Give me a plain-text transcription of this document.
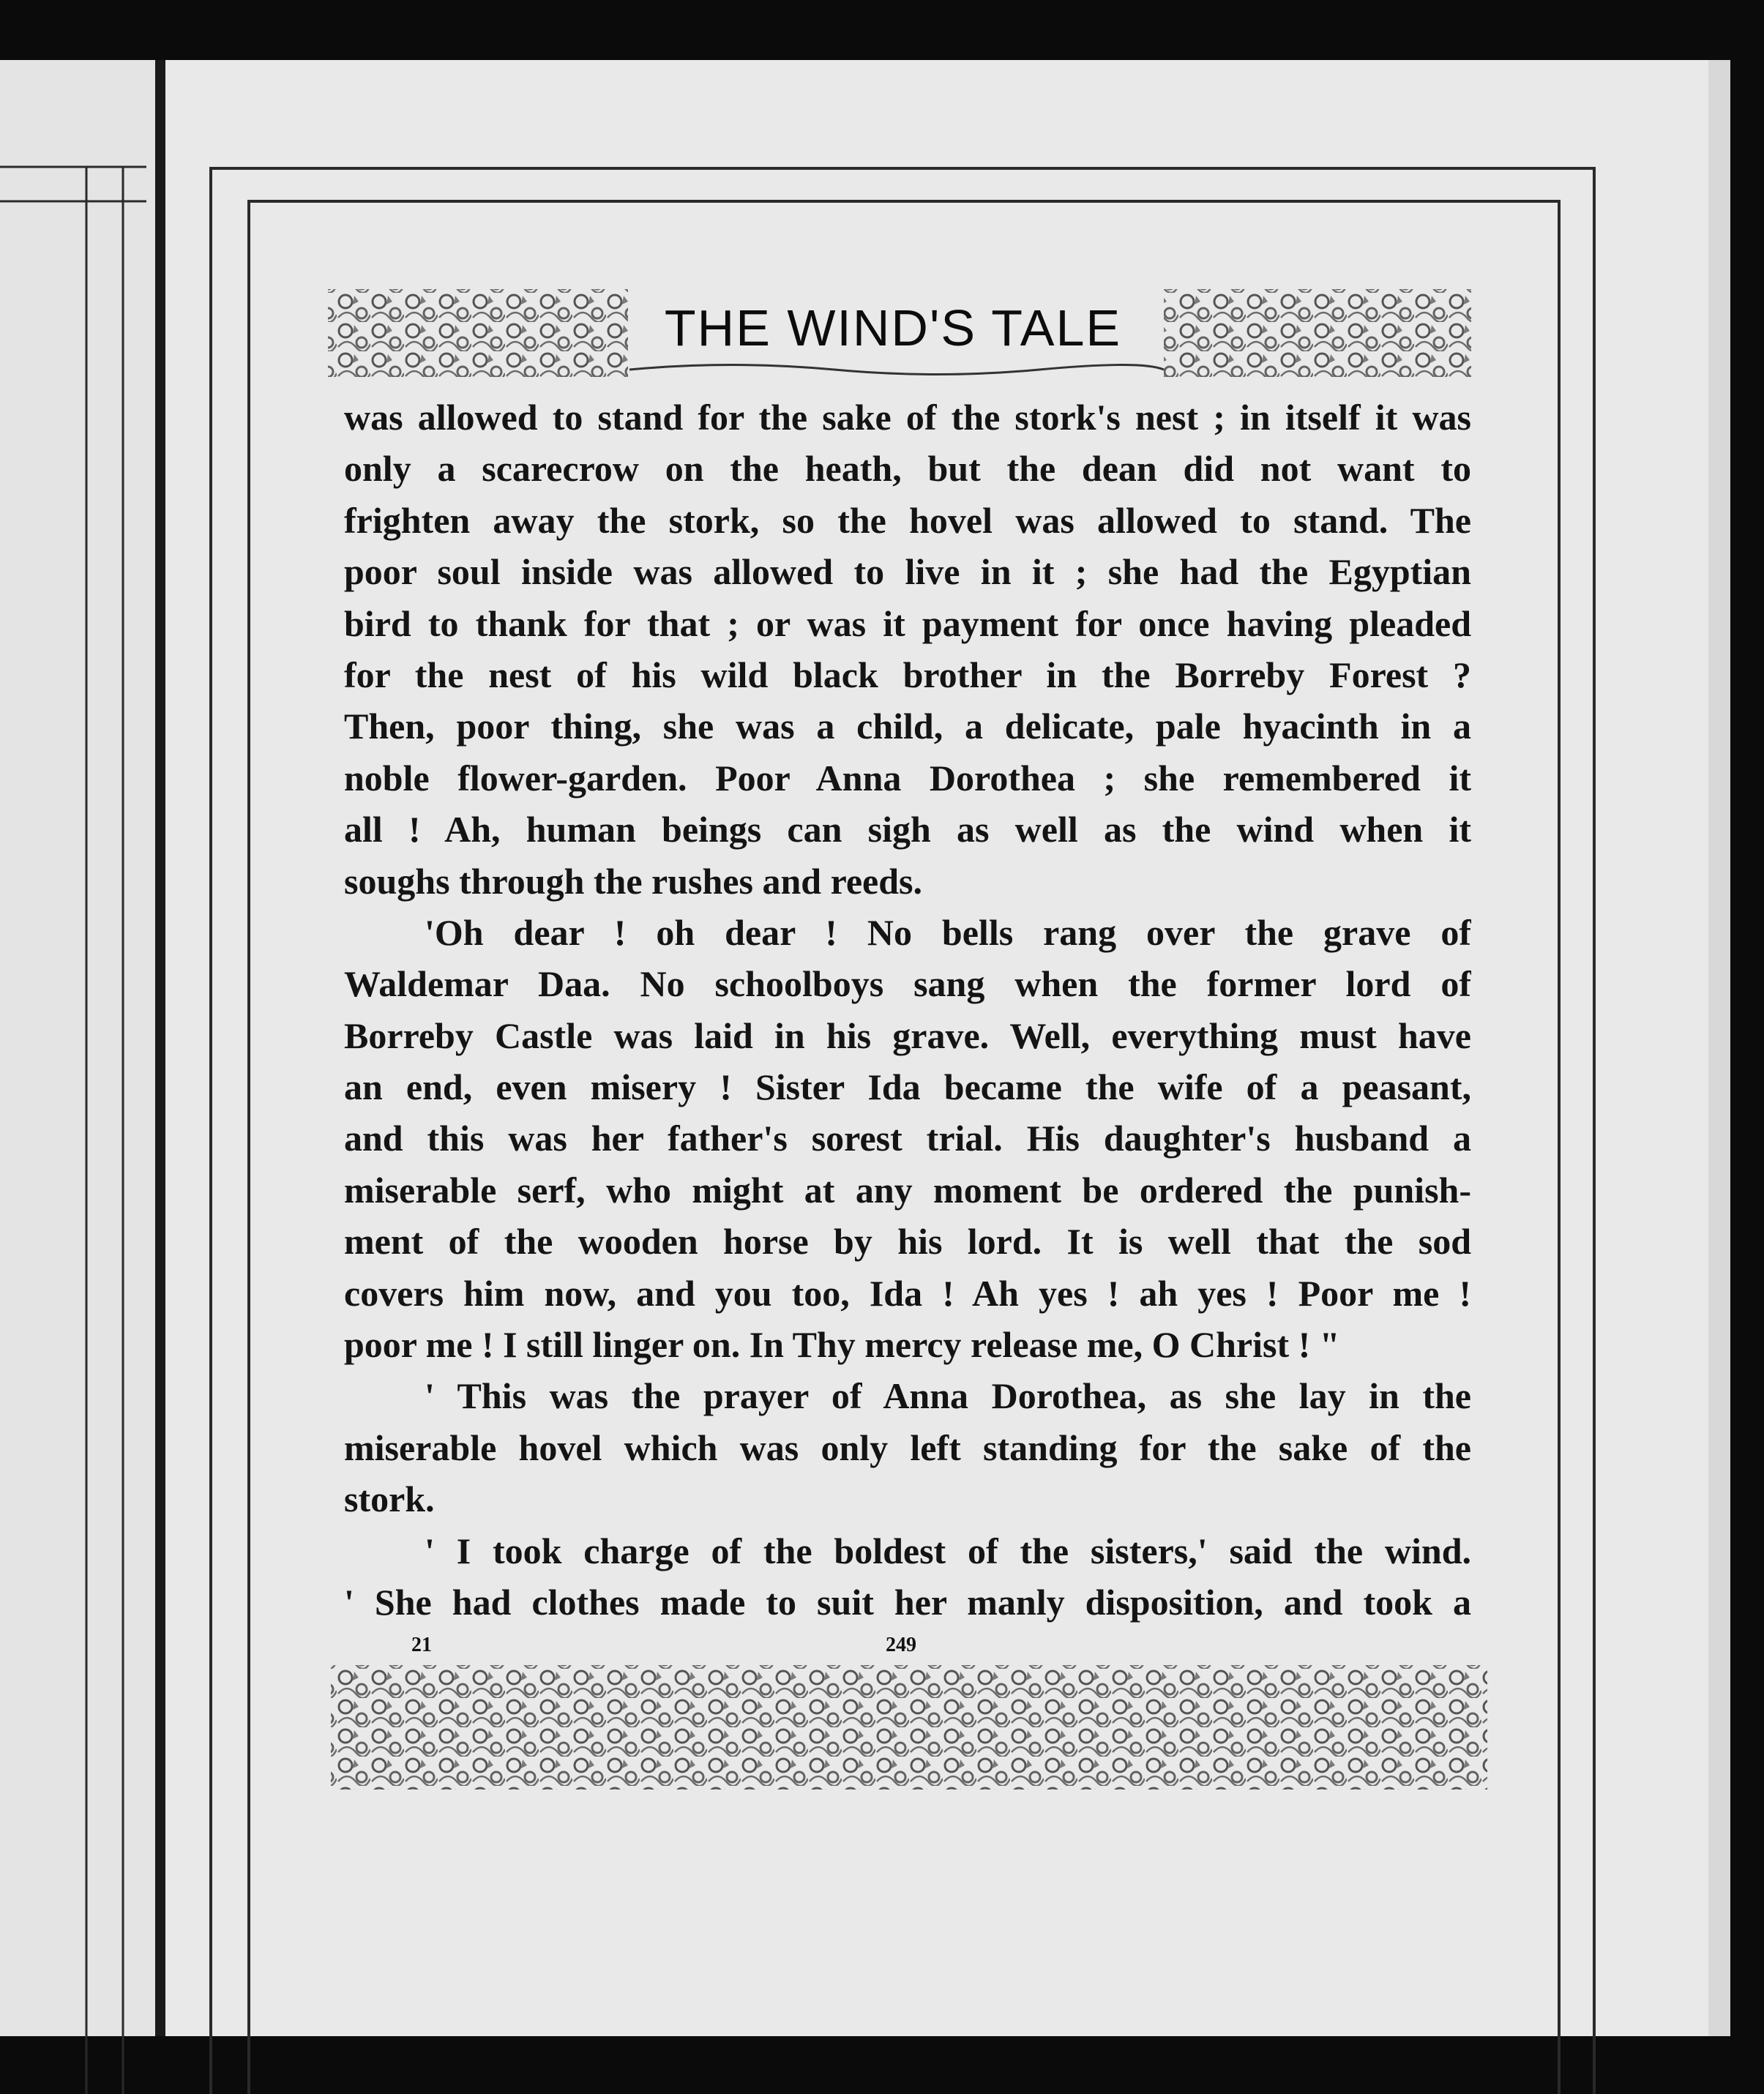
THE WIND'S TALE
was allowed to stand for the sake of the stork's nest ; in itself it was
only a scarecrow on the heath, but the dean did not want to
frighten away the stork, so the hovel was allowed to stand. The
poor soul inside was allowed to live in it ; she had the Egyptian
bird to thank for that ; or was it payment for once having pleaded
for the nest of his wild black brother in the Borreby Forest ?
Then, poor thing, she was a child, a delicate, pale hyacinth in a
noble flower-garden. Poor Anna Dorothea ; she remembered it
all ! Ah, human beings can sigh as well as the wind when it
soughs through the rushes and reeds.
'Oh dear ! oh dear ! No bells rang over the grave of
Waldemar Daa. No schoolboys sang when the former lord of
Borreby Castle was laid in his grave. Well, everything must have
an end, even misery ! Sister Ida became the wife of a peasant,
and this was her father's sorest trial. His daughter's husband a
miserable serf, who might at any moment be ordered the punish-
ment of the wooden horse by his lord. It is well that the sod
covers him now, and you too, Ida ! Ah yes ! ah yes ! Poor me !
poor me ! I still linger on. In Thy mercy release me, O Christ ! "
' This was the prayer of Anna Dorothea, as she lay in the
miserable hovel which was only left standing for the sake of the
stork.
' I took charge of the boldest of the sisters,' said the wind.
' She had clothes made to suit her manly disposition, and took a
21	249
